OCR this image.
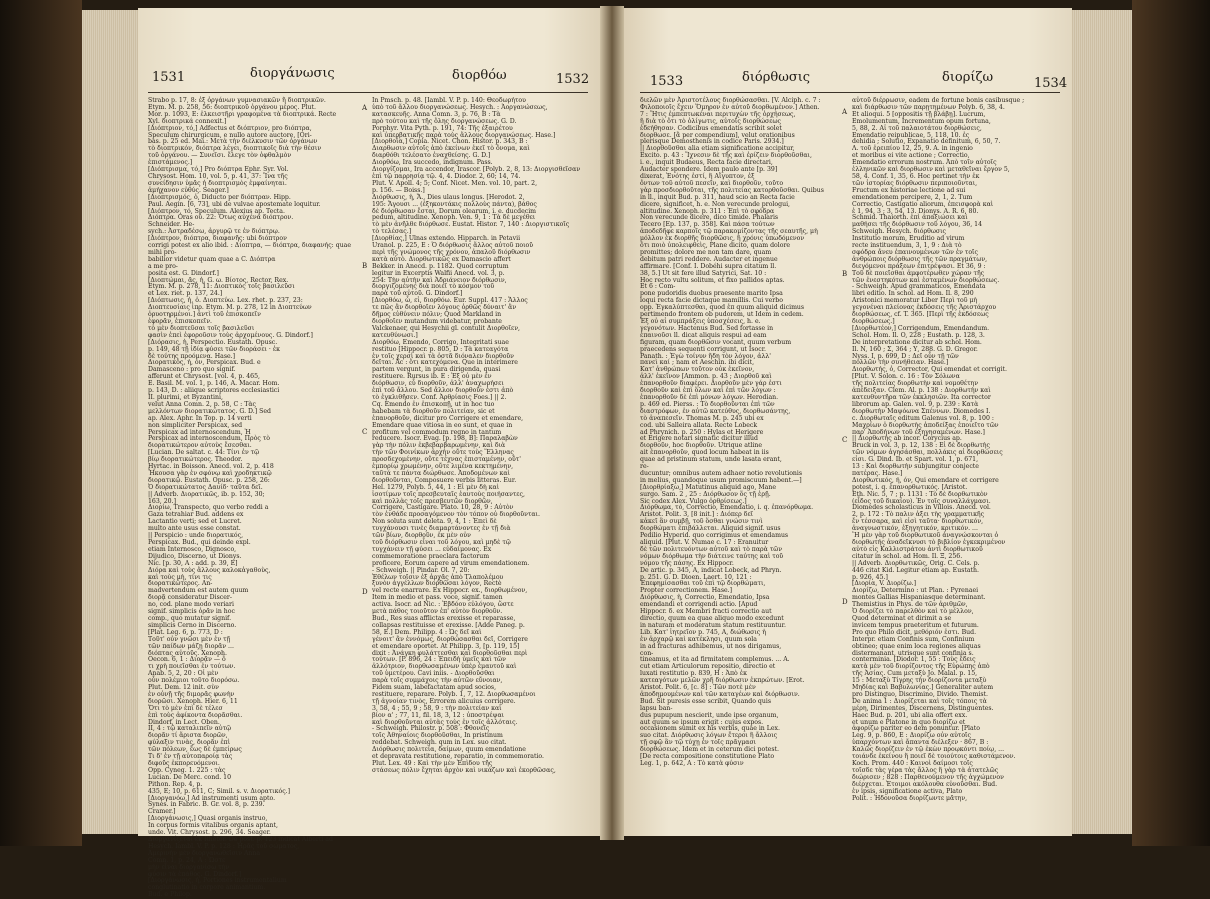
1531	διοργάνωσις	διορθόω	1532
Strabo p. 17, 8: ἐξ ὀργάνων γυμνασιακῶν ἢ διοπτρικῶν.
Etym. M. p. 258, 56: διοπτρικοῦ ὀργάνου μέρος. Plut.
Mor. p. 1093, E: ἑλκειστῆρι γραφομένα τὰ διοπτρικά. Recte
Xyl. διοπτρικά connexit.]
[Διόπτριον, τό,] Adfectus et διόπτριον, pro διόπτρα,
Speculum chirurgicum, e nullo autore auctore, [Ori-
bas. p. 25 ed. Mai.: Μετὰ τὴν διέλκυσιν τῶν ὀργάνων
τὸ διοπτρικόν, διόπτρα λέγει, διοπτικοῖς διὰ τὴν θέσιν
τοῦ ὀργάνου. — Συνεῖσι. ἔλεγε τὸν ὀφθαλμὸν
ἐπιστάμενος.]
[Διόπτρισμα, τό,] Pro διόπτρα Ephr. Syr. Vol.
Chrysost. Hom. 10, vol. 5, p. 41, 37: Ἴνα τῆς
συνείδησιν ὑμᾶς ἡ διοπτρισμὸς ἐμφαίνηται.
ἀμήχανον εὐθύς. Seager.]
[Διοπτρισμός, ὁ, Diducto per διόπτραν. Hipp.
Paul. Aegin. [6, 73], ubi de vulvae apostemate loquitur.
[Διόπτρον, τό, Speculum. Alexius ap. Tecta.
Διόπτρα. Oras οὐ. 22: Ὅτως αὐχένα διόπτρον.
Schneider. He-
sych.: Ἀστραδέσω, ἀργυρῷ τε ἐν διόπτρῳ.
[Διόπτρον, διόπτρα, διαφανῆς: ubi διόπτρον
corrigi potest ex alio ibid. : Δίοπτρα, — διόπτρα, διαφανής: quae
mihi pro-
babilior videtur quam quae a C. Διόπτρα
a me pro-
posita est. G. Dindorf.]
[Διοπτώμαι, ᾶς, ἡ, G. ω. Βίοτος, Rector, Rex.
Etym. M. p. 278, 11: Διοπτικὸς τοῖς βασιλεῦσι
et Lex. riet. p. 137, 24.]
[Διόπτωσις, ἡ, ὁ. Διοπτεύω. Lex. rhet. p. 237, 23:
Διοπτευσίαις ἰπρ. Etym. M. p. 278, 12 in Διοπτεύων
ὀρυοτηρμένοι.] ἀντὶ τοῦ ἐπισκοπεῖν
ἐφορᾶν, ἐπισκοπεῖν.
τὸ μὲν διοπτεῦσαι τοῖς βασιλεῦσι
φασὶν ἐπεὶ ἐφοροῦσιν τοὺς ἀρχομένους. G. Dindorf.]
[Διόρασις, ἡ, Perspectio. Eustath. Opusc.
p. 149, 48 τῇ ἰδίᾳ φύσει τῶν διοράσει · ἐκ
δὲ τούτης προόμενα. Hase.]
Διορατικός, ή, όν, Perspicax. Bud. e
Damasceno : pro quo signif.
afferunt et Chrysost. [vol. 4, p. 465,
E. Basil. M. vol. 1, p. 146, A. Macar. Hom.
p. 143, D. : aliique scriptores ecclesiastici
II. plurimi, et Byzantini,
velut Anna Comn. 2, p. 58, C : Τὰς
μελλόντων διορατικώτατος. G. D.] Sed
ap. Alex. Aphr. In Top. p. 14 verti
non simpliciter Perspicax, sed
Perspicax ad internoscendum, Ἡ
Perspicax ad internoscendum, Πρὸς τὸ
διορατικώτερον αὐτοὺς ἔσεσθαι.
[Lucian. De saltat. c. 44: Τίνι ἐν τῷ
βίῳ διορατικώτερος. Theodor.
Hyrtac. in Boisson. Anecd. vol. 2, p. 418
Ἦκουσα γὰρ ἐν σφόνῳ καὶ χροδηκτικῷ
διορατικῷ. Eustath. Opusc. p. 258, 26:
Ὁ διορατικώτατος Δαυίδ· ταῦτα δεῖ.
|| Adverb. Διορατικῶς, ib. p. 152, 30;
163, 20.]
Διορίω, Transpecto, quo verbo reddi a
Gaza tetrahiar Bud. addens ex
Lactantio verti; sed et Lucret.
multo ante usus esse constat.
|| Perspicio : unde διορατικός,
Perspicax. Bud., qui deinde expl.
etiam Internosco, Dignosco,
Dijudico, Discerno, ut Dionys.
Nic. [p. 30, A : add. p. 39, E]
Διόρα καὶ τοὺς ἄλλους καλοκἀγαθοὺς,
καὶ τοὺς μὴ, τίνι τις
διορατικώτερος. An-
madvertendum est autem quum
διορᾷ consideratur Discer-
no, cod. plane modo veriari
signif. simplicis ὁρᾶν in hoc
comp., quo mutatur signif.
simplicis Cerno in Discerno.
[Plat. Leg. 6, p. 773, D :
Τοῦτ' οὐν γνῶσι μὲν ἐν τῇ
τῶν παίδων μάζῃ διορᾶν ...
διόπτας αὐτοῦς. Xenoph.
Oecon. 6, 1 : Διορᾷν — ὅ
τι χρὴ ποιεῖσθαι ἐν τούτων.
Anab. 5, 2, 20 : Οἱ μὲν
οὖν πολέμιοι τοῦτο διορόσω.
Plut. Dem. 12 init. σὺν
ἐν οὐνῇ τῆς διμορᾶς φωνὴν
διορῶσι. Xenoph. Hier. 6, 11
Ὅτι τὸ μὲν ἐπὶ δὲ τέλεσ
ἐπὶ τοὺς ἀφίκοντα διορᾶσθαι.
Dindorf, in Lect. Oben.
II, 4 : τῷ καταλιπεῖν αὐτῷ
διορᾶν τί ἄριστα διορῶν,
φύλαξιν τινὰς, διορᾶν ἐπὶ
τῶν πόλεων, ἕως δὲ ἐμπείρως
Τι δ' ἐν τῇ αὐτοπαροίᾳ τὰς
διφοῦς ἐκπορευόμενοι.
Opp. Cyneg. 1. 225 : τὰς
Lucian. De Merc. cond. 10
Pithon. Rep. 4, p.
435, E; 10, p. 611, C; Simil. s. v. Διορατικός.]
[Διοργανόω,] Ad instrumenti usum apto.
Synes. in Fabric. B. Gr. vol. 8, p. 239.
Cramer.]
[Διοργάνωσις,] Quasi organis instruo,
In corpus formis vitalibus organis aptant,
unde. Vit. Chrysost. p. 296, 34. Seager.
Διοργανίζεται ἐκ Rhetor. De post. p. 123 indicat Alberti ad
Hesych. Iambl. V. P. p. 128 : Ἡρᾶς τοῦ σώματος,
Ἁμερινὴν μὲν διοργανωθεῖσιν Anna
Comn. 1, p. 24, A : Ὥστε
μὴν εἶναι διοργανίσω τὴν
φύσιν τὰ ἐπάθος. G. Dindorf.]
[Διοργάνωσις, ἡ, Portiones instrumentalium
conglutinatio in corpore animantium.
Bud. e Philop.
In Pmsch. p. 48. [Iambl. V. P. p. 140: Θεοδωρήτου
ὑπὸ τοῦ ἄλλου διοργανώσεως. Hesych. : Ἁοργανώσεως,
κατασκευῆς. Anna Comn. 3, p. 76, B : Τὰ
πρὸ τούτου καὶ τῆς ὅλης διοργανώσεως. G. D.
Porphyr. Vita Pyth. p. 191, 74: Τῆς ἐξαιρέτου
καὶ ὑπερβατικῆς παρὰ τοὺς ἄλλους διοργανώσεως. Hase.]
[Διορθοΐα,] Copia. Nicet. Chon. Histor. p. 343, B :
Διαρθωσιν αὐτοῖς ἀπὸ ἐκείνων ἐκεῖ τὸ ὄνομα, καὶ
διαρθόθι τελέσατο ἐναχθείσης. G. D.]
Διορθόω, Ira succedo, indignum. Pass.
Διοργίζομαι, Ira accendor, Irascor. [Polyb. 2, 8, 13: Διοργισθεῖσαν
ἐπὶ τῷ παρρησίᾳ τῷ. 4, 4. Diodor. 2, 60; 14, 74.
Plut. V. Apoll. 4; 5; Conf. Nicet. Men. vol. 10, part. 2,
p. 156. — Boiss.]
Διόρθωσις, ἡ, Ἄ., Dies ulaus longus. [Herodot. 2,
195: Ἄγουσι ... (ἐξηκοντάκις πολλοὺς πάντα), βάθος
δὲ διόρθωσαν ἔσται, Dorum olearum, i. e. ducdecim
pedum, altitudine. Xenoph. Ven. 9, 1 : Τὰ δὲ μεγέθει
τὸ μὲν ἀνῆλθε διόρθωσε. Eustat. Histor. 7, 140 : Διοργιστικοῖς
τὸ τελέσας.]
[Διορθίας,] Ulnas extendo. Hipparch. in Petavii
Uranol. p. 225, E : Ὁ διόρθωσις ἄλλος αὐτοῦ ποιοῦ
περὶ τῆς γνώμονος τῆς χρόνου, ἀπαλοῦ διόρθωσιν
κατὰ αὐτὸ. Διορθωτικῶς ex Damascio affert
Bekker. in Anecd. p. 1182. Quod corruptum
legitur in Excerptis Walfii Anecd. vol. 3, p.
254: Τὴν αὐτὴν καὶ Ἀδριάνειον διόρθωσιν,
διοργιζομένης διὰ ποιεῖ τὸ κόσμον τοῦ
παρὰ τοῦ αὐτοῦ. G. Dindorf.]
[Διορθόω, ὦ, εἰ, διορθόω. Eur. Suppl. 417 : Ἄλλος
τε πῶς ἂν διορθοῖεν λόγους ὀρθῶς δύναιτ' ἂν
δῆμος εὐθύνειν πόλιν; Quod Markland in
διορθοῖεν mutandum videbatur, probante
Valckenaer, qui Hesychii gl. contulit Διορθοῖεν,
κατευθύνωσι.]
Διορθόω, Emendo, Corrigo, Integritati suae
restituo [Hippocr. p. 805, D : Τὰ κατεαγότα
ἐν τοῖς χερσὶ καὶ τὰ ὀστᾶ διόναλεν διορθοῦν
δεῖται. Ac : ὅτι κατεχόμενα. Que in interimere
partem vergunt, in pura dirigenda, quasi
restituere. Rursus ib. E : Ἐξ οὐ μὲν ἐν
διόρθωσιν, εὖ διορθοῦν, ἀλλ' ἀναχωρήσει
ἐπὶ τοῦ ἄλλου. Sed ἄλλον διορθοῦν ἐστι ἀπὸ
τὸ ἐγκλιθῆσεν. Conf. Ἀρθρίασις Foes.] || 2.
Cq. Emendo ἐν ἐπισκοπῇ, ut in hoc tuo
habebam τὰ διορθοῦν πολιτείαν, sic et
ἐπανορθοῦν, dicitur pro Corrigere et emendare,
Emendare quae vitiosa in eo sunt, et quae in
profitum vel commodum regno in tantum
reducere. Isocr. Evag. [p. 198, B]: Παραλαβὼν
γὰρ τὴν πόλιν ἐκβεβαρβαρωμένην, καὶ διὰ
τὴν τῶν Φοινίκων ἀρχὴν οὔτε τοὺς Ἕλληνας
προσδεχομένην, οὔτε τέχνας ἐπισταμένην, οὔτ'
ἐμπορίῳ χρωμένην, οὔτε λιμένα κεκτημένην,
ταῦτά τε πάντα διώρθωσε. Ἀποδομένων καὶ
διορθοῦνται, Composuere verbis litteras. Eur.
Hel. 1279, Polyb. 5, 44, 1 : Εἰ μὲν δὴ καὶ
ἰσοτίμων τοῖς πρεσβευταῖς ἑαυτοὺς ποιήσαντες,
καὶ πολλὰς τοῖς πρεσβευτῶν διορθῶν,
Corrigere, Castigare. Plato. 10, 28, 9 : Αὐτὸν
τὸν ἐνθάδε προσαγόμενον τὸν τόπον οὐ διορθοῦνται.
Non soluta sunt deleta. 9, 4, 1 : Ἐπεὶ δὲ
τυγχάνουσι τινὲς διαμαρτάνοντες ἐν τῇ διὰ
τῶν βίων, διορθοῦν, ἐκ μὲν οὐν
τοῦ διόρθωσιν εἶναι τοῦ λόγου, καὶ μηδὲ τῷ
τυγχάνειν τῇ φύσει ... εὐδαίμονας. Ex
commemoratione praeclara factorum
proficere, Eorum capere ad virum emendationem.
- Schweigh. || Pindar. Ol. 7, 20:
Ἐθέλων τοῖσιν ἐξ ἀρχᾶς ἀπὸ Τλαπολέμου
ξυνὸν ἀγγέλλων διορθῶσαι λόγον, Rectè
vel recte enarrare. Ex Hippocr. ex., διορθωμένον,
Item in medio et pass. voce, signif. tamen
activa. Isocr. ad Nic. : Ἐβδόου εὐλόγου, ὥστε
μετὰ πάθος τοιοῦτον ἐπ' αὐτὸν διορθοῦν.
Bud., Res suas afflictas erexisse et reparasse,
collapsas restituisse et erexisse. [Adde Paneg. p.
58, E.] Dem. Philipp. 4 : Ὡς δεῖ καὶ
γένοιτ' ἂν ἐννόμως, διορθώσασθαι δεῖ, Corrigere
et emendare oportet. At Philipp. 3, [p. 119, 15]
dixit : Ἀνάγκη φυλάττεσθαι καὶ διορθοῦσθαι περὶ
τούτων. [P. 896, 24 : Ἐπειδὴ ὑμεῖς καὶ τῶν
ἀλλότριον, διορθωσαμένων ὑπὲρ ἐμαυτοῦ καὶ
τοῦ ὑμετέρου. Cavi iniis. - Διορθοῦσθαι
παρὰ τοῖς συμμάχοις τὴν αὐτῶν εὔνοιαν,
Fidem suam, labefactatam apud socios,
restituere, reparare. Polyb. 1, 7, 12. Διορθωσαμένοι
τῇ ἀγνοίαν τινὸς, Errorem alicuius corrigere.
3, 58, 4 ; 55, 9 ; 58, 9 : τὴν πολιτείαν καὶ
βίον α' ; 77, 11, fil. 18, 3, 12 : ὑποστρέψαι
καὶ διορθοῦνται αὐτὰς τοὺς ἐν τοῖς ἀλλόταις.
- Schweigh. Philostr. p. 508 : Φθονεῖς
τοῖς Ἀθηναίοις διορθοῦσθαι, In pristinum
reddebat. Schweigh. qum in Lex. suo citat.
Διόρθωσις πολιτεία, δαίμων, quum emendatione
et depravata restitutione, reparatio, in commemoratio.
Plut. Lex. 49 : Καὶ τὴν μὲν Ἐπὶδου τῆς
στάσεως πόλιν ἔχηται ἀρχὸν καὶ νικάζων καὶ ἐκορθῶσας,
A
B
C
D
1533	διόρθωσις	διορίζω	1534
διελῶν μὲν Ἀριστοτέλους διορθώσασθαι. [V. Alciph. c. 7 :
Φιλοποιοῖς ἔχειν Ὅμηρον ἐν αὐτοῦ διορθωμένον.] Athen.
7 : Ἥτις ἐμπεπτωκέναι περιτυχὼν τῆς ὀρχήσεως,
ἢ διὰ τὸ ὅτι τὸ ὀλίγωτις, αὐτοῖς διορθώσεως
ἐδεήθησαν. Codicibus emendatis scribit solet
διορθωσε. [ἃ per compendium], velut orationibus
plerisque Demosthenis in codice Paris. 2934.]
|| Διορθοῦσθαι alia etiam significatione accipitur,
Excito. p. 43 : Ἴχνεσιν δὲ τῆς καὶ ἐρίζειν διορθοῦσθαι,
i. e., inquit Budaeus, Recta facie directari,
Audacter spondere. Idem paulo ante [p. 39]
dixerat, Ἐνότης ἐστί, ἢ Αἴγυπτον, ἐξ
ὄντων τοῦ αὐτοῦ πεσεῖν, καὶ διορθοῦν, τοῦτο
γὰρ προσδιορθοῦται, τῆς πολιτείας κατορθοῦσθαι. Quibus
in ll., inquit Bud. p. 311, haud scio an Recta facie
dicere, significet, h. e. Non verecunde prologui,
altitudine. Xenoph. p. 311 : Ἐπὶ τὸ σφόδρα
Non verecunde dicere, dico timide. Phalaris
Tecero [Ep. 137, p. 358]. Καὶ πάσα τούτων
ἀποδεδῆφε καρποῖς τῷ παρακομίζοντας τῆς σεαυτῆς, μὴ
μόλλον ἐκ διορθῆς διορθῶσις, ἢ χρόνις ὑπωδόμενον
ὅτι ποιὸ ὑπολειφθεὶς, Plane dicito, quam dolore
promittes; dolore me non tam dare, quam
debitum patri reddere. Audacter et ingenue
affirmare. [Conf. I. Dobéhi supra citatum ll.
38, 5.] Ut sit fere illud Satyrici, Sat. 10 :
Hoc recto vultu solitum, et fixo pallidos aptas.
Et 6 : Com-
pone pudoridis duobus praesente marito Ipsa
loqui recta facie dictaque mamillis. Cui verbo
opp. Ἐγκαλύπτεσθαι, quod ἐπ quum aliquid dicimus
pertimendo frontem ob pudorem, ut Idem in cedem.
Ἐξ οὐ αἱ συμπράξεις ὑποσχέσεις, h. e.
γεγονότων. Hactenus Bud. Sed fortasse in
ἐπαινοῦσι ll. dicat aliquis respui ad eam
figuram, quam διορθῶσιν vocant, quum verbum
praecedens sequenti corrigunt, ut Isocr.
Panath. : Ἐγὼ τοίνυν ἤδη τὸν λόγον, ἀλλ'
πανεὶ καί ; nam et Aeschin. ibi dicit,
Κατ' ἀνθρώπων τοῦτον οὐκ ἐκεῖνον,
ἀλλ' ἐκεῖνον [Ammon. p. 43 ; Διορθοῦ καὶ
ἐπανορθοῦν διαφέρει. Διορθοῦν μὲν γάρ ἐστι
διορθοῦν καὶ ἐπὶ ὅλων καὶ ἐπὶ τῶν λόγων :
ἐπανορθοῦν δὲ ἐπὶ μόνων λόγων. Herodian.
p. 469 ed. Pierss. : Τὸ διορθοῦνται ἐπὶ τῶν
διαστρόφων, ἐν αὐτῶ κατεύθυς, διορθωσάντης,
τὸ ἀναπεσεῖν. Thomas M. p. 245 ubi ex
cod. ubi Salleira allata. Recte Lobeck
ad Phrynich. p. 250 : Hylas et Herigere
et Erigere notari signatic dicitur illud
διορθοῦν, hoc διορθοῦν. Utrique atline
ait ἐπανορθοῦν, quod locum habeat in iis
quae ad pristinum statum, unde lasata erant,
re-
ducuntur; omnibus autem adhaer notio revolutionis
in melius, quandoque usum promiscuum habent.—]
[Διορθρίαξω,] Matutinus aliquid ago, Mane
surgo. Sam. 2 , 25 : Διόρθωσον ὅς τῇ ἐρῇ.
Sic codex Alex. Vulgo ὀρθρίσεως.]
Διόρθωμα, τό, Correctio, Emendatio, i. q. ἐπανόρθωμα.
Aristot. Polit. 3, [8 init.] : Διόπερ δεῖ
κἀκεῖ ἂν συμβῇ, τοῦ ὅσθαι γνώσιν τινὶ
διορθώματι ἐπιβάλλεται. Aliquid signif. usus
Pedilio Hyperid. quo corrigimus et emendamus
aliquid. [Plut. V. Numae c. 17 : Eranuitur
δὲ τῶν πολιτευόντων αὐτοῦ καὶ τὸ παρὰ τῶν
νόμων διόρθωμα τὴν διάτεινε ταύτης καὶ τοῦ
νόμου τῆς πάσης. Ex Hippocr.
De artic. p. 345, A, indicat Lobeck, ad Phryn.
p. 251. G. D. Dioen. Laert. 10, 121 :
Ἐπεφημίσασθαι τοῦ ἐπὶ τῷ διορθώματι,
Propter correctionem. Hase.]
Διόρθωσις, ἡ, Correctio, Emendatio, Ipsa
emendandi et corrigendi actio. [Apud
Hippocr. δ. ex Membri fracti correctio aut
directio, quum ea quae aliquo modo excedunt
in naturam et moderatum statum restituuntur.
Lib. Κατ' ἰητρεῖον p. 745, A, διώθωσις ἡ
ἐν ἀρχαρῷ καὶ κατέκλησι, quum sola
in ad fracturas adhibemus, ut nos dirigamus,
con-
tineamus, et ita ad firmitatem complemus. ... A.
cut etiam Articulorum repositio, directio et
luxati restitutio p. 839, H : Ἀπὸ ἐκ
κατεαγότων μελῶν χρῆ διόρθωσιν ἐκπρώτων. [Erot.
Aristot. Polit. 6, [c. 8] : Τῶν ποτὲ μὲν
ἀποδημουμένων καὶ τῶν καταγέων καὶ διόρθωσιν.
Bud. Sit puresis esse scribit, Quando quis
lapsu ban-
dus pupupum nescierit, unde ipse organum,
aut quum se ipsum erigit : cujus expos.
occasionem sumit ex his verbis, quae in Lex.
suo citat. Διόρθωσις λόγων ἕτεροι ἢ ἄλλοις
τῇ σφῷ ἂν τῷ τύχῃ ἐν τοῖς πρᾶγμασι
διορθώσεως. Idem et in ceterum dici potest.
[De recta compositione constitutione Plato
Leg. 1, p. 642, A : Τὸ κατὰ φύσιν
αὐτοῦ διέρρωσιν, eadem de fortune bonis casibusque ;
καὶ διάρθωσιν τῶν παρῃτημένων Polyb. 6, 38, 4.
Et alioqui. 5 [oppositis τῇ βλάβῃ]. Lucrum,
Emolumentum, Incrementum opum fortuna,
5, 88, 2. Αἱ τοῦ παλαιοτάτου διορθώσεις,
Emendatio reipublicae, 5, 118, 10. ἐς
dehidia ; Solutio, Expanatio definitum, 6, 50, 7.
Λ. τοῦ ἐρειπίου 12, 25, 9. A. in ingenio
et moribus ei vite actione ; Correctio,
Emendatio errorum nostrum. Ἀπὸ τοῖν αὐτοῖς
ἐλληνικῶν καὶ διορθωσιν καὶ μεταθεῖναι ἔργον 5,
58, 4. Conf. 1, 35, 6. Hoc pertinet τὴν ἐκ
τῶν ἱστορίας διόρθωσιν περιποιοῦνται,
Fructum ex historiae lectione ad sui
emendationem percipere, 2, 1, 2. Tum
Correctio, Castigatio aliorum, ἐπεισφορὰ καὶ
ἐ 1, 94, 3 ; 3, 54, 13. Dionys. A. R. 6, 80.
Schmid. Thaiorth. ἐπὶ ἀπαξιώσει καὶ
μαθήσει τῆς διόρθωσιν τοῦ λόγου, 36, 14
Schweigh. Hesych. διόρθωσις
Institutio morum, Eruditio ad virum
recte instituendum, 3, 1, 9 : Διὰ τὸ
σφόδρα ἄνευ ἐπαινουμένων τῶν ἐν τοῖς
ἀνθρώποις διόρθωσις τῆς τῶν πραγμάτων,
διεγόμενοι πράξεων ἐπιτρέψασι. Et 36, 9 :
Τοῦ δὲ ποιεῖσθαι ἀμφοτέρωθεν χώραν τῆς
τῶν ἐνεστηκότων καὶ ἐσταμένων διορθώσεως.
- Schweigh. Apud grammaticos, Emendata
libri editio. In schol. ad Hom. Il. 8, 290
Aristonici memoratur Liber Περὶ τοῦ μὴ
γεγονέναι πλείονας ἐκδόσεις τῆς Ἀριστάρχου
διορθώσεως, cf. T. 365. [Περὶ τῆς ἐκδόσεως
διορθώσεως.]
[Διορθωτέον,] Corrigendum, Emendandum.
Schol. Hom. Il. O, 228 ; Eustath. p. 128, 3.
De interpretatione dicitur ab schol. Hom.
Il. N, 160 ; Σ, 364 ; Υ, 288. G. D. Gregor.
Nyss. I, p. 699, D : Δεῖ οὖν τῇ τῶν
πολλῶν τὴν συνήθειαν. Hase.]
Διορθωτής, ὁ, Corrector, Qui emendat et corrigit.
[Plut. V. Solon. c. 16 : Τὸν Σόλωνα
τῆς πολιτείας διορθωτὴν καὶ νομοθέτην
ἀπέδειξαν. Clem. Al. p. 138 : Διορθωτὴν καὶ
κατευθυντῆρα τῶν ἐκκλησιῶν. Ita corrector
librorum ap. Galen. vol. 9, p. 239 : Κατὰ
διορθωτὴν Μαψόωνα Σπέννων. Diomedes I.
c. Διορθωταῖς editum Galenus vol. 8, p. 100 :
Μαχρίων ὁ διορθωτὴς ἀποδείξας ἐποιεῖτο τῶν
παρ' Ἀποδήνων τοῦ ἐξηγησαμένων. Hase.]
|| Διορθωτὴς ab incor. Corycius ap.
Bruck in vol. 3, p. 12, 138 : Εἰ δὲ διορθωτὴς
τῶν νόμων ἀγησάσθαι, πολλάκις αἱ διορθώσεις
εἰσι. G. Dind. Ib. et Spart. vol. 1, p. 671,
13 : Καὶ διορθωτὴν subjungitur conjecte
πατέρας. Hase.]
Διορθωτικός, ή, όν, Qui emendare et corrigere
potest, i. q. ἐπανορθωτικός. [Aristot.
Eth. Nic. 5, 7 ; p. 1131 : Τὸ δὲ διορθωτικὸν
(εἶδος τοῦ δικαίου). Ἐν τοῖς συναλλάγμασι.
Diomedes scholasticus in Villois. Anecd. vol.
2, p. 172 : Τὸ παλιν ἀξει τὴς γραμματικῆς
ἔν τέσσαρα, καὶ εἰσὶ ταῦτα· διορθωτικόν,
ἀναγνωστικόν, ἐξηγητικόν, κριτικόν. ...
Ἢ μὲν γὰρ τοῦ διορθωτικοῦ ἀναγνώσκονται ὁ
διορθωτής ἀναδεῖκνυσι τὸ βιβλίον ἐγκεκριμένον
αὐτὸ εἰς Καλλιστράτου ἀντὶ διορθωτικοῦ
citatur in schol. ad Hom. Il. Ξ, 256.
|| Adverb. Διορθωτικῶς, Orig. C. Cels. p.
446 citat Kid. Legitur etiam ap. Eustath.
p. 926, 45.]
[Διορία, V. Διορίζω.]
Διορίζω, Determino : ut Plan. : Pyrenaei
montes Gallias Hispaniasque determinant.
Themistius in Phys. de τῶν ἀριθμῶν,
Ὁ διορίζει τὸ παρελθὸν καὶ τὸ μέλλον,
Quod determinat et dirimit a se
invicem tempus praeteritum et futurum.
Pro quo Philo dicit, μεθόριόν ἐστι. Bud.
Interpr. etiam Confinis sum, Confinium
obtineo; quae enim loca regiones aliquas
distermanant, utrisque sunt confinia s.
conterminia. [Diodor. 1, 55 : Τοὺς ἔδεις
κατὰ μὲν τοῦ διορίζοντος τῆς Εὐρώπης ἀπὸ
τῆς Ἀσίας. Cum μεταξὺ Jo. Malal. p. 15,
15 : Μεταξὺ Τίγρης τὴν διορίζοντα μεταξὺ
Μηδίας καὶ Βαβυλωνίας.] Generaliter autem
pro Distinguo, Discrimino, Divido. Themist.
De anima 1 : Διορίζεται καὶ τοῖς τόποις τὰ
μέρη, Dirimentes, Discernens, Distinguentes.
Haec Bud. p. 201, ubi alia offert exx.
et unum e Platone in quo διορίζω et
ἀφορίζω pariter eo dem ponuntur. [Plato
Leg. 9, p. 860, E : Διορίζω οὐν αὐτοῖς
ὑπαρχόντων καὶ ἄπαντα διέλεξεν · 867, B :
Καλῶς διορίζειν ἐν τῷ ἑκὼν προῳκόντι ποίῳ, ...
τοιάνδε ἐκείνου ἢ ποιεῖ δὲ τοιούτοις καθιστάμενον.
Koch. Prom. 440 : Καινοὶ δαίμοσι τοῖς
τοῖσδε τὰς γέρα τὰς ἄλλος ἢ γὰρ τὰ ἀτατελῶς
διώρισεν ; 828 : Παρθενούμενον τῆς ἀγχώμενον
διέρχεται. Ἐτοιμοι ακόλουθα εὐνοῦσθαι. Bud.
ἐν ipsis, significatione activa, Plato
Polit. : Ἠδονοῦσα διορίζωντε μᾶτην,
A
B
C
D
